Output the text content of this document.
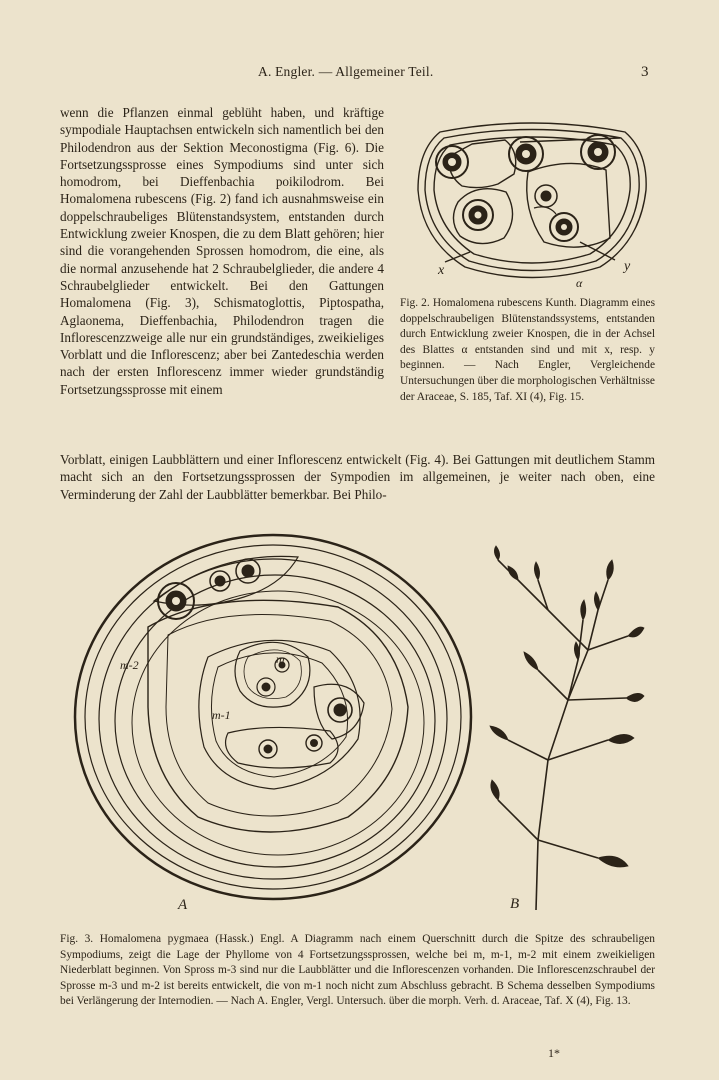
A. Engler. — Allgemeiner Teil.	3

wenn die Pflanzen einmal geblüht haben, und kräftige sympodiale Hauptachsen entwickeln sich namentlich bei den Philodendron aus der Sektion Meconostigma (Fig. 6). Die Fortsetzungssprosse eines Sympodiums sind unter sich homodrom, bei Dieffenbachia poikilodrom. Bei Homalomena rubescens (Fig. 2) fand ich ausnahmsweise ein doppelschraubeliges Blütenstandsystem, entstanden durch Entwicklung zweier Knospen, die zu dem Blatt gehören; hier sind die vorangehenden Sprossen homodrom, die eine, als die normal anzusehende hat 2 Schraubelglieder, die andere 4 Schraubelglieder entwickelt. Bei den Gattungen Homalomena (Fig. 3), Schismatoglottis, Piptospatha, Aglaonema, Dieffenbachia, Philodendron tragen die Inflorescenzzweige alle nur ein grundständiges, zweikieliges Vorblatt und die Inflorescenz; aber bei Zantedeschia werden nach der ersten Inflorescenz immer wieder grundständig Fortsetzungssprosse mit einem

x	y
α

Fig. 2. Homalomena rubescens Kunth. Diagramm eines doppelschraubeligen Blütenstandssystems, entstanden durch Entwicklung zweier Knospen, die in der Achsel des Blattes α entstanden sind und mit x, resp. y beginnen. — Nach Engler, Vergleichende Untersuchungen über die morphologischen Verhältnisse der Araceae, S. 185, Taf. XI (4), Fig. 15.

Vorblatt, einigen Laubblättern und einer Inflorescenz entwickelt (Fig. 4). Bei Gattungen mit deutlichem Stamm macht sich an den Fortsetzungssprossen der Sympodien im allgemeinen, je weiter nach oben, eine Verminderung der Zahl der Laubblätter bemerkbar. Bei Philo-

m
m-1
m-2
A	B

Fig. 3. Homalomena pygmaea (Hassk.) Engl. A Diagramm nach einem Querschnitt durch die Spitze des schraubeligen Sympodiums, zeigt die Lage der Phyllome von 4 Fortsetzungssprossen, welche bei m, m-1, m-2 mit einem zweikieligen Niederblatt beginnen. Von Spross m-3 sind nur die Laubblätter und die Inflorescenzen vorhanden. Die Inflorescenzschraubel der Sprosse m-3 und m-2 ist bereits entwickelt, die von m-1 noch nicht zum Abschluss gebracht. B Schema desselben Sympodiums bei Verlängerung der Internodien. — Nach A. Engler, Vergl. Untersuch. über die morph. Verh. d. Araceae, Taf. X (4), Fig. 13.

1*
